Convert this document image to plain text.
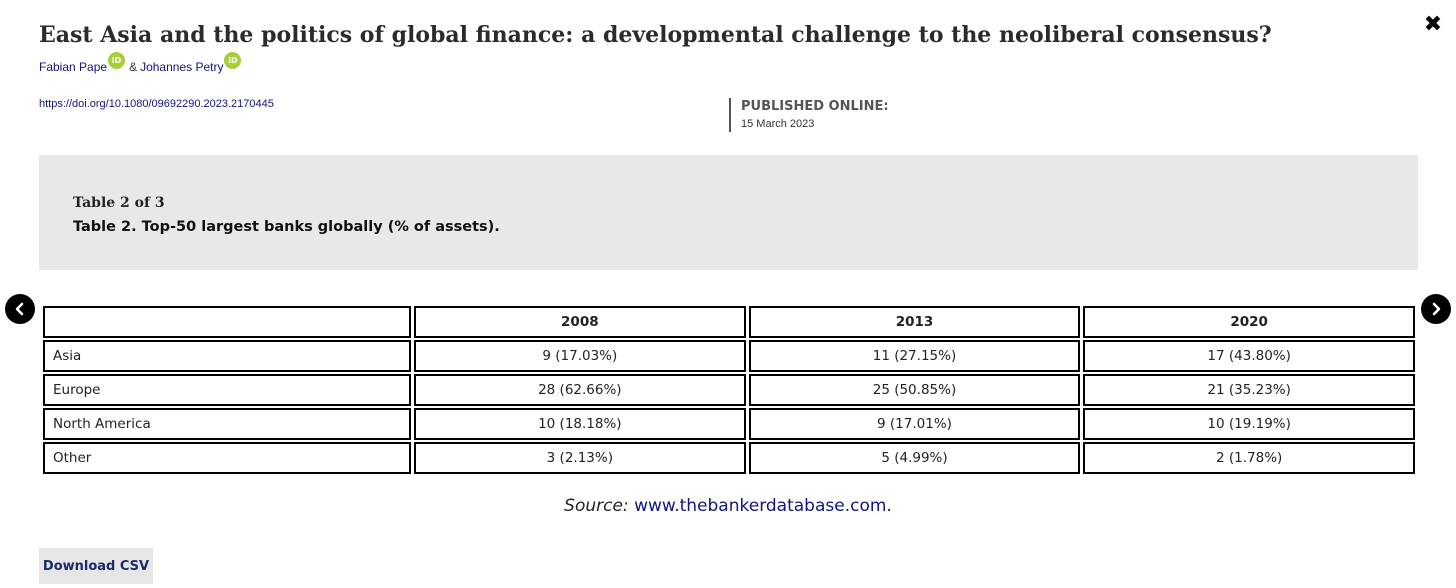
East Asia and the politics of global finance: a developmental challenge to the neoliberal consensus?	✖
Fabian Pape iD & Johannes Petry iD
https://doi.org/10.1080/09692290.2023.2170445	PUBLISHED ONLINE:
15 March 2023
Table 2 of 3
Table 2. Top-50 largest banks globally (% of assets).
	2008	2013	2020
Asia	9 (17.03%)	11 (27.15%)	17 (43.80%)
Europe	28 (62.66%)	25 (50.85%)	21 (35.23%)
North America	10 (18.18%)	9 (17.01%)	10 (19.19%)
Other	3 (2.13%)	5 (4.99%)	2 (1.78%)
Source: www.thebankerdatabase.com.
Download CSV
